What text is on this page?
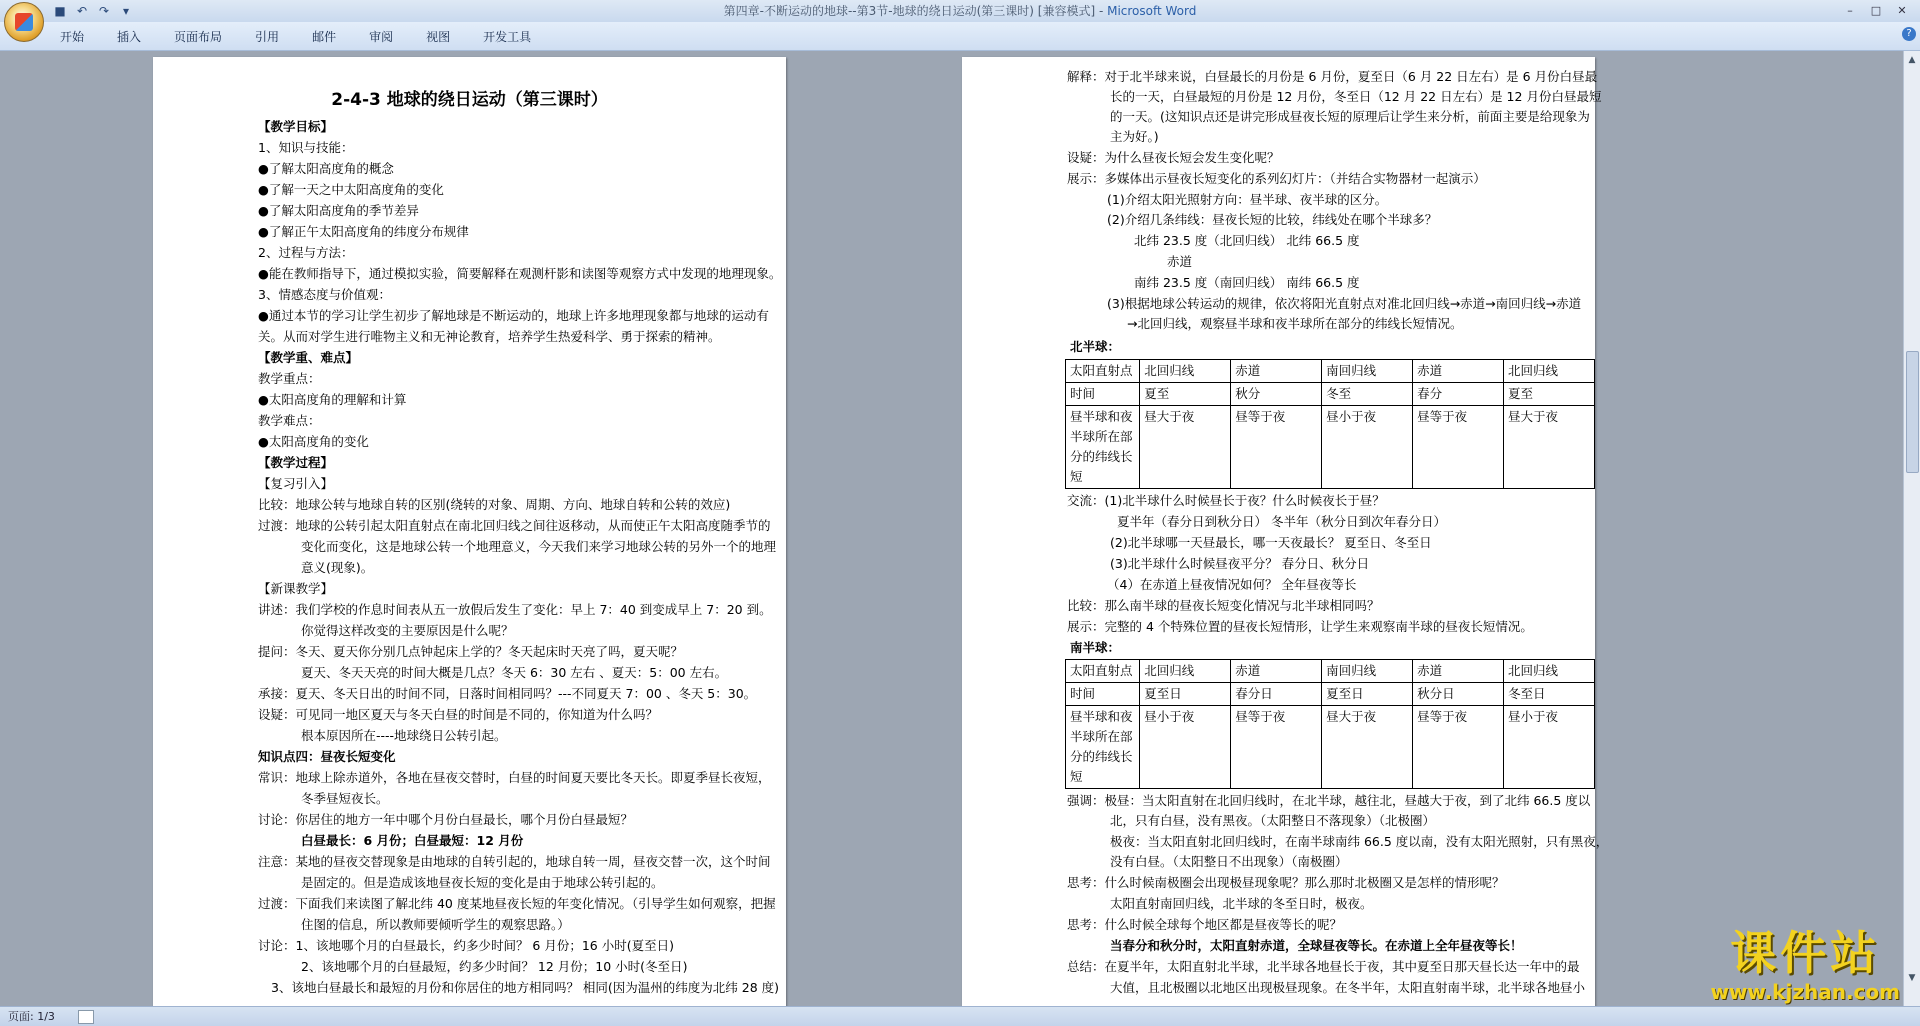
第四章-不断运动的地球--第3节-地球的绕日运动(第三课时) [兼容模式] - Microsoft Word
■ ↶ ↷	▾	–	□	✕
开始	插入	页面布局	引用	邮件	审阅	视图	开发工具	?
2-4-3 地球的绕日运动（第三课时）
【教学目标】
1、知识与技能：
●了解太阳高度角的概念
●了解一天之中太阳高度角的变化
●了解太阳高度角的季节差异
●了解正午太阳高度角的纬度分布规律
2、过程与方法：
●能在教师指导下，通过模拟实验，简要解释在观测杆影和读图等观察方式中发现的地理现象。
3、情感态度与价值观：
●通过本节的学习让学生初步了解地球是不断运动的，地球上许多地理现象都与地球的运动有
关。从而对学生进行唯物主义和无神论教育，培养学生热爱科学、勇于探索的精神。
【教学重、难点】
教学重点：
●太阳高度角的理解和计算
教学难点：
●太阳高度角的变化
【教学过程】
【复习引入】
比较：地球公转与地球自转的区别(绕转的对象、周期、方向、地球自转和公转的效应)
过渡：地球的公转引起太阳直射点在南北回归线之间往返移动，从而使正午太阳高度随季节的
变化而变化，这是地球公转一个地理意义，今天我们来学习地球公转的另外一个的地理
意义(现象)。
【新课教学】
讲述：我们学校的作息时间表从五一放假后发生了变化：早上 7：40 到变成早上 7：20 到。
你觉得这样改变的主要原因是什么呢？
提问：冬天、夏天你分别几点钟起床上学的？冬天起床时天亮了吗，夏天呢？
夏天、冬天天亮的时间大概是几点？冬天 6：30 左右 、夏天：5：00 左右。
承接：夏天、冬天日出的时间不同，日落时间相同吗？---不同夏天 7：00 、冬天 5：30。
设疑：可见同一地区夏天与冬天白昼的时间是不同的，你知道为什么吗？
根本原因所在----地球绕日公转引起。
知识点四：昼夜长短变化
常识：地球上除赤道外，各地在昼夜交替时，白昼的时间夏天要比冬天长。即夏季昼长夜短，
冬季昼短夜长。
讨论：你居住的地方一年中哪个月份白昼最长，哪个月份白昼最短？
白昼最长：6 月份；白昼最短：12 月份
注意：某地的昼夜交替现象是由地球的自转引起的，地球自转一周，昼夜交替一次，这个时间
是固定的。但是造成该地昼夜长短的变化是由于地球公转引起的。
过渡：下面我们来读图了解北纬 40 度某地昼夜长短的年变化情况。（引导学生如何观察，把握
住图的信息，所以教师要倾听学生的观察思路。）
讨论：1、该地哪个月的白昼最长，约多少时间？ 6 月份；16 小时(夏至日)
2、该地哪个月的白昼最短，约多少时间？ 12 月份；10 小时(冬至日)
3、该地白昼最长和最短的月份和你居住的地方相同吗？ 相同(因为温州的纬度为北纬 28 度)
解释：对于北半球来说，白昼最长的月份是 6 月份，夏至日（6 月 22 日左右）是 6 月份白昼最
长的一天，白昼最短的月份是 12 月份，冬至日（12 月 22 日左右）是 12 月份白昼最短
的一天。(这知识点还是讲完形成昼夜长短的原理后让学生来分析，前面主要是给现象为
主为好。)
设疑：为什么昼夜长短会发生变化呢？
展示：多媒体出示昼夜长短变化的系列幻灯片：（并结合实物器材一起演示）
(1)介绍太阳光照射方向：昼半球、夜半球的区分。
(2)介绍几条纬线：昼夜长短的比较，纬线处在哪个半球多？
北纬 23.5 度（北回归线） 北纬 66.5 度
赤道
南纬 23.5 度（南回归线） 南纬 66.5 度
(3)根据地球公转运动的规律，依次将阳光直射点对准北回归线→赤道→南回归线→赤道
→北回归线，观察昼半球和夜半球所在部分的纬线长短情况。
北半球：
太阳直射点	北回归线	赤道	南回归线	赤道	北回归线
时间	夏至	秋分	冬至	春分	夏至
昼半球和夜半球所在部分的纬线长短	昼大于夜	昼等于夜	昼小于夜	昼等于夜	昼大于夜
交流：(1)北半球什么时候昼长于夜？什么时候夜长于昼？
夏半年（春分日到秋分日） 冬半年（秋分日到次年春分日）
(2)北半球哪一天昼最长，哪一天夜最长？ 夏至日、冬至日
(3)北半球什么时候昼夜平分？ 春分日、秋分日
（4）在赤道上昼夜情况如何？ 全年昼夜等长
比较：那么南半球的昼夜长短变化情况与北半球相同吗？
展示：完整的 4 个特殊位置的昼夜长短情形，让学生来观察南半球的昼夜长短情况。
南半球：
太阳直射点	北回归线	赤道	南回归线	赤道	北回归线
时间	夏至日	春分日	夏至日	秋分日	冬至日
昼半球和夜半球所在部分的纬线长短	昼小于夜	昼等于夜	昼大于夜	昼等于夜	昼小于夜
强调：极昼：当太阳直射在北回归线时，在北半球，越往北，昼越大于夜，到了北纬 66.5 度以
北，只有白昼，没有黑夜。（太阳整日不落现象）（北极圈）
极夜：当太阳直射北回归线时，在南半球南纬 66.5 度以南，没有太阳光照射，只有黑夜，
没有白昼。（太阳整日不出现象）（南极圈）
思考：什么时候南极圈会出现极昼现象呢？那么那时北极圈又是怎样的情形呢？
太阳直射南回归线，北半球的冬至日时，极夜。
思考：什么时候全球每个地区都是昼夜等长的呢？
当春分和秋分时，太阳直射赤道，全球昼夜等长。在赤道上全年昼夜等长！
总结：在夏半年，太阳直射北半球，北半球各地昼长于夜，其中夏至日那天昼长达一年中的最
大值，且北极圈以北地区出现极昼现象。在冬半年，太阳直射南半球，北半球各地昼小
▲
▼
课件站
www.kjzhan.com
页面: 1/3
